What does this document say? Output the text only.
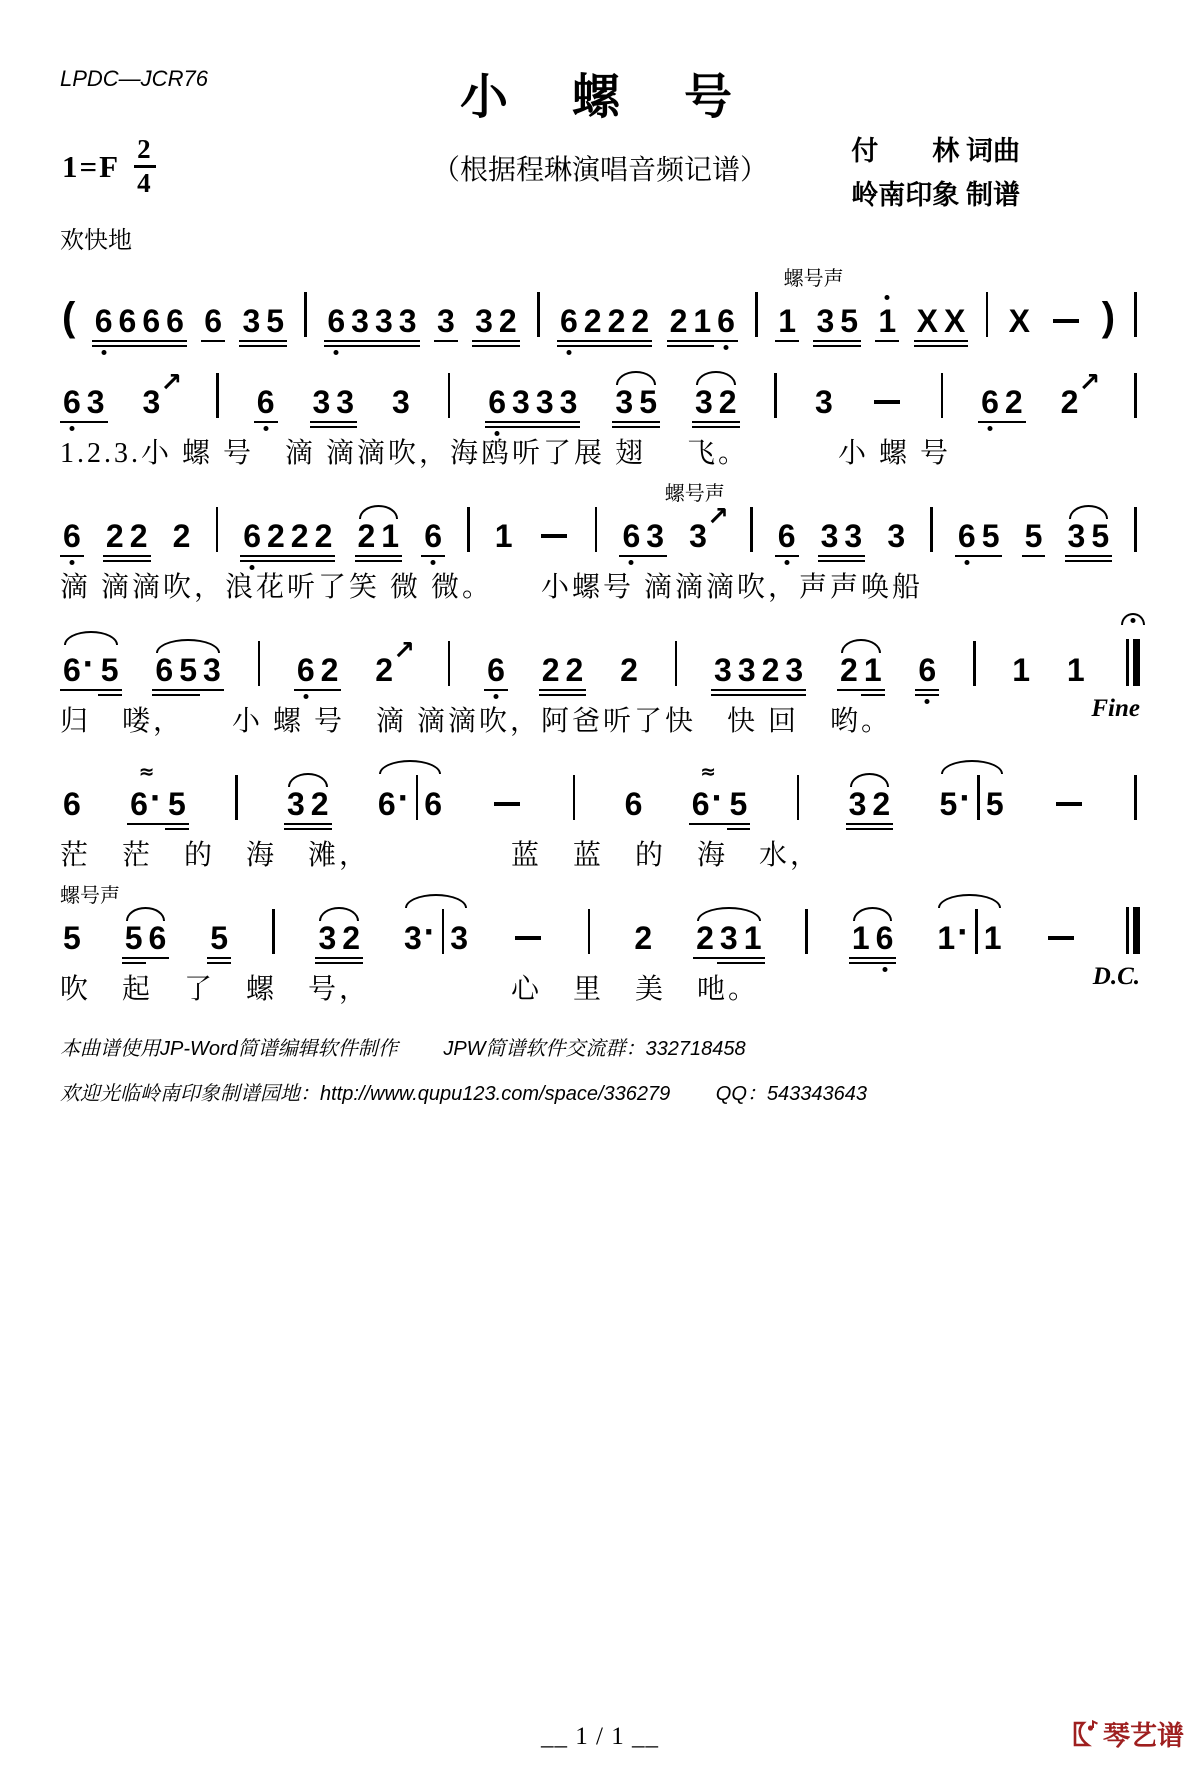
LPDC—JCR76	小　螺　号
$1=F \frac{2}{4}$	（根据程琳演唱音频记谱）
付　　林 词曲
岭南印象 制谱
欢快地
螺号声
( 6 6 6 6 6 3 5 6 3 3 3 3 3 2 6 2 2 2 2 1 6 1 3 5 1 X X X )
6 3 3
↗
6 3 3 3 6 3 3 3 3 5 3 2 3	6 2 2
↗
1.2.3.小 螺 号　滴 滴滴吹，海鸥听了展 翅　 飞。　　　 小 螺 号
螺号声
6 2 2 2 6 2 2 2 2 1 6 1	6 3 3
↗
6 3 3 3 6 5 5 3 5
滴 滴滴吹，浪花听了笑 微 微。　　小螺号 滴滴滴吹，声声唤船
6· 5 6 5 3 6 2 2
↗
6 2 2 2 3 3 2 3 2 1 6 1 1
归　喽，　　小 螺 号　滴 滴滴吹，阿爸听了快　快 回　哟。	Fine
6 6·
≈
5	3 2 6· 6	6 6·
≈
5	3 2 5· 5
茫　茫　的　海　滩，　　　　　蓝　蓝　的　海　水，
螺号声
5 5 6 5	3 2 3· 3	2 2 3 1	1 6 1· 1
吹　起　了　螺　号，　　　　　心　里　美　吔。	D.C.
本曲谱使用JP-Word简谱编辑软件制作　　 JPW简谱软件交流群：332718458
欢迎光临岭南印象制谱园地：http://www.qupu123.com/space/336279　　 QQ：543343643
__ 1 / 1 __	琴艺谱
